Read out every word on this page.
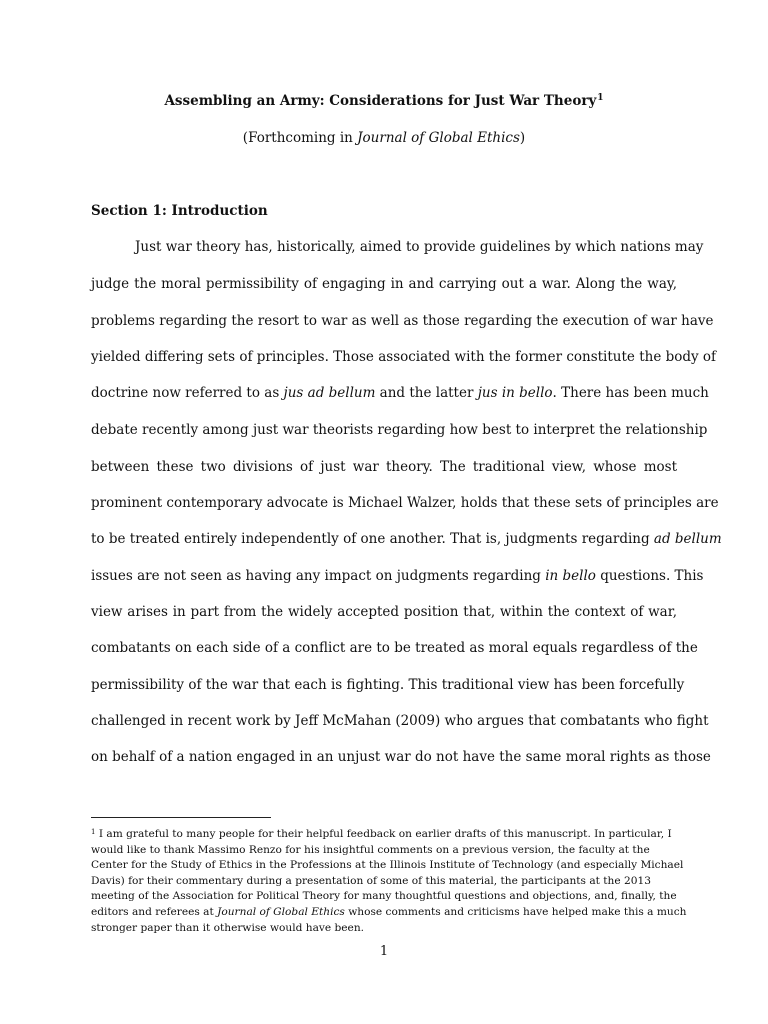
Assembling an Army: Considerations for Just War Theory$^1$
(Forthcoming in Journal of Global Ethics)
Section 1: Introduction
Just war theory has, historically, aimed to provide guidelines by which nations may
judge the moral permissibility of engaging in and carrying out a war. Along the way,
problems regarding the resort to war as well as those regarding the execution of war have
yielded differing sets of principles. Those associated with the former constitute the body of
doctrine now referred to as jus ad bellum and the latter jus in bello. There has been much
debate recently among just war theorists regarding how best to interpret the relationship
between these two divisions of just war theory. The traditional view, whose most
prominent contemporary advocate is Michael Walzer, holds that these sets of principles are
to be treated entirely independently of one another. That is, judgments regarding ad bellum
issues are not seen as having any impact on judgments regarding in bello questions. This
view arises in part from the widely accepted position that, within the context of war,
combatants on each side of a conflict are to be treated as moral equals regardless of the
permissibility of the war that each is fighting. This traditional view has been forcefully
challenged in recent work by Jeff McMahan (2009) who argues that combatants who fight
on behalf of a nation engaged in an unjust war do not have the same moral rights as those
$^1$ I am grateful to many people for their helpful feedback on earlier drafts of this manuscript. In particular, I
would like to thank Massimo Renzo for his insightful comments on a previous version, the faculty at the
Center for the Study of Ethics in the Professions at the Illinois Institute of Technology (and especially Michael
Davis) for their commentary during a presentation of some of this material, the participants at the 2013
meeting of the Association for Political Theory for many thoughtful questions and objections, and, finally, the
editors and referees at Journal of Global Ethics whose comments and criticisms have helped make this a much
stronger paper than it otherwise would have been.
1
